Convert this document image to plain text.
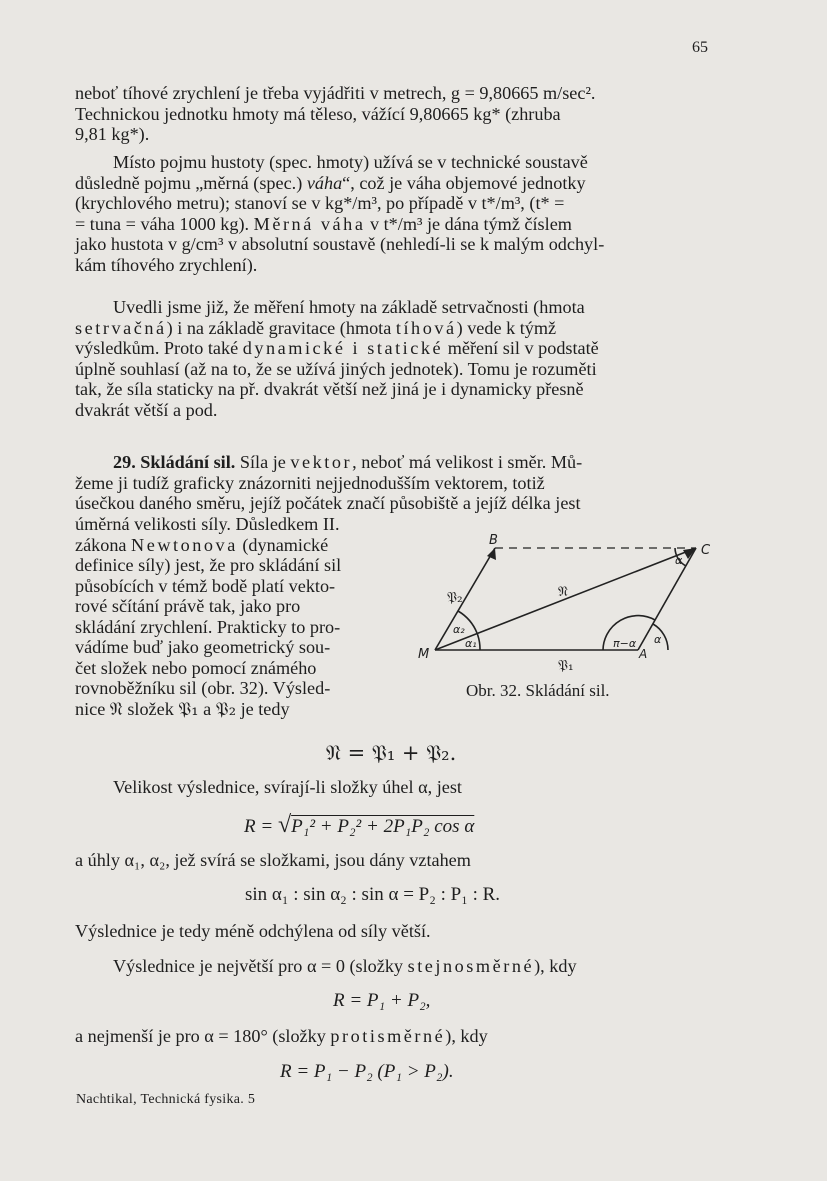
65
neboť tíhové zrychlení je třeba vyjádřiti v metrech, g = 9,80665 m/sec².
Technickou jednotku hmoty má těleso, vážící 9,80665 kg* (zhruba
9,81 kg*).
Místo pojmu hustoty (spec. hmoty) užívá se v technické soustavě
důsledně pojmu „měrná (spec.) váha“, což je váha objemové jednotky
(krychlového metru); stanoví se v kg*/m³, po případě v t*/m³, (t* =
= tuna = váha 1000 kg). Měrná váha v t*/m³ je dána týmž číslem
jako hustota v g/cm³ v absolutní soustavě (nehledí-li se k malým odchyl-
kám tíhového zrychlení).
Uvedli jsme již, že měření hmoty na základě setrvačnosti (hmota
setrvačná) i na základě gravitace (hmota tíhová) vede k týmž
výsledkům. Proto také dynamické i statické měření sil v podstatě
úplně souhlasí (až na to, že se užívá jiných jednotek). Tomu je rozuměti
tak, že síla staticky na př. dvakrát větší než jiná je i dynamicky přesně
dvakrát větší a pod.
29. Skládání sil. Síla je vektor, neboť má velikost i směr. Mů-
žeme ji tudíž graficky znázorniti nejjednodušším vektorem, totiž
úsečkou daného směru, jejíž počátek značí působiště a jejíž délka jest
úměrná velikosti síly. Důsledkem II.
zákona Newtonova (dynamické
definice síly) jest, že pro skládání sil
působících v témž bodě platí vekto-
rové sčítání právě tak, jako pro
skládání zrychlení. Prakticky to pro-
vádíme buď jako geometrický sou-
čet složek nebo pomocí známého
rovnoběžníku sil (obr. 32). Výsled-
nice 𝔑 složek 𝔓₁ a 𝔓₂ je tedy
B
C
M	A
α₁
α₂
α
α
π−α
𝔓₁
𝔓₂	𝔑
Obr. 32. Skládání sil.
𝔑 = 𝔓₁ + 𝔓₂.
Velikost výslednice, svírají-li složky úhel α, jest
R = √P₁² + P₂² + 2P₁P₂ cos α
a úhly α₁, α₂, jež svírá se složkami, jsou dány vztahem
sin α₁ : sin α₂ : sin α = P₂ : P₁ : R.
Výslednice je tedy méně odchýlena od síly větší.
Výslednice je největší pro α = 0 (složky stejnosměrné), kdy
R = P₁ + P₂,
a nejmenší je pro α = 180° (složky protisměrné), kdy
R = P₁ − P₂ (P₁ > P₂).
Nachtikal, Technická fysika. 5
